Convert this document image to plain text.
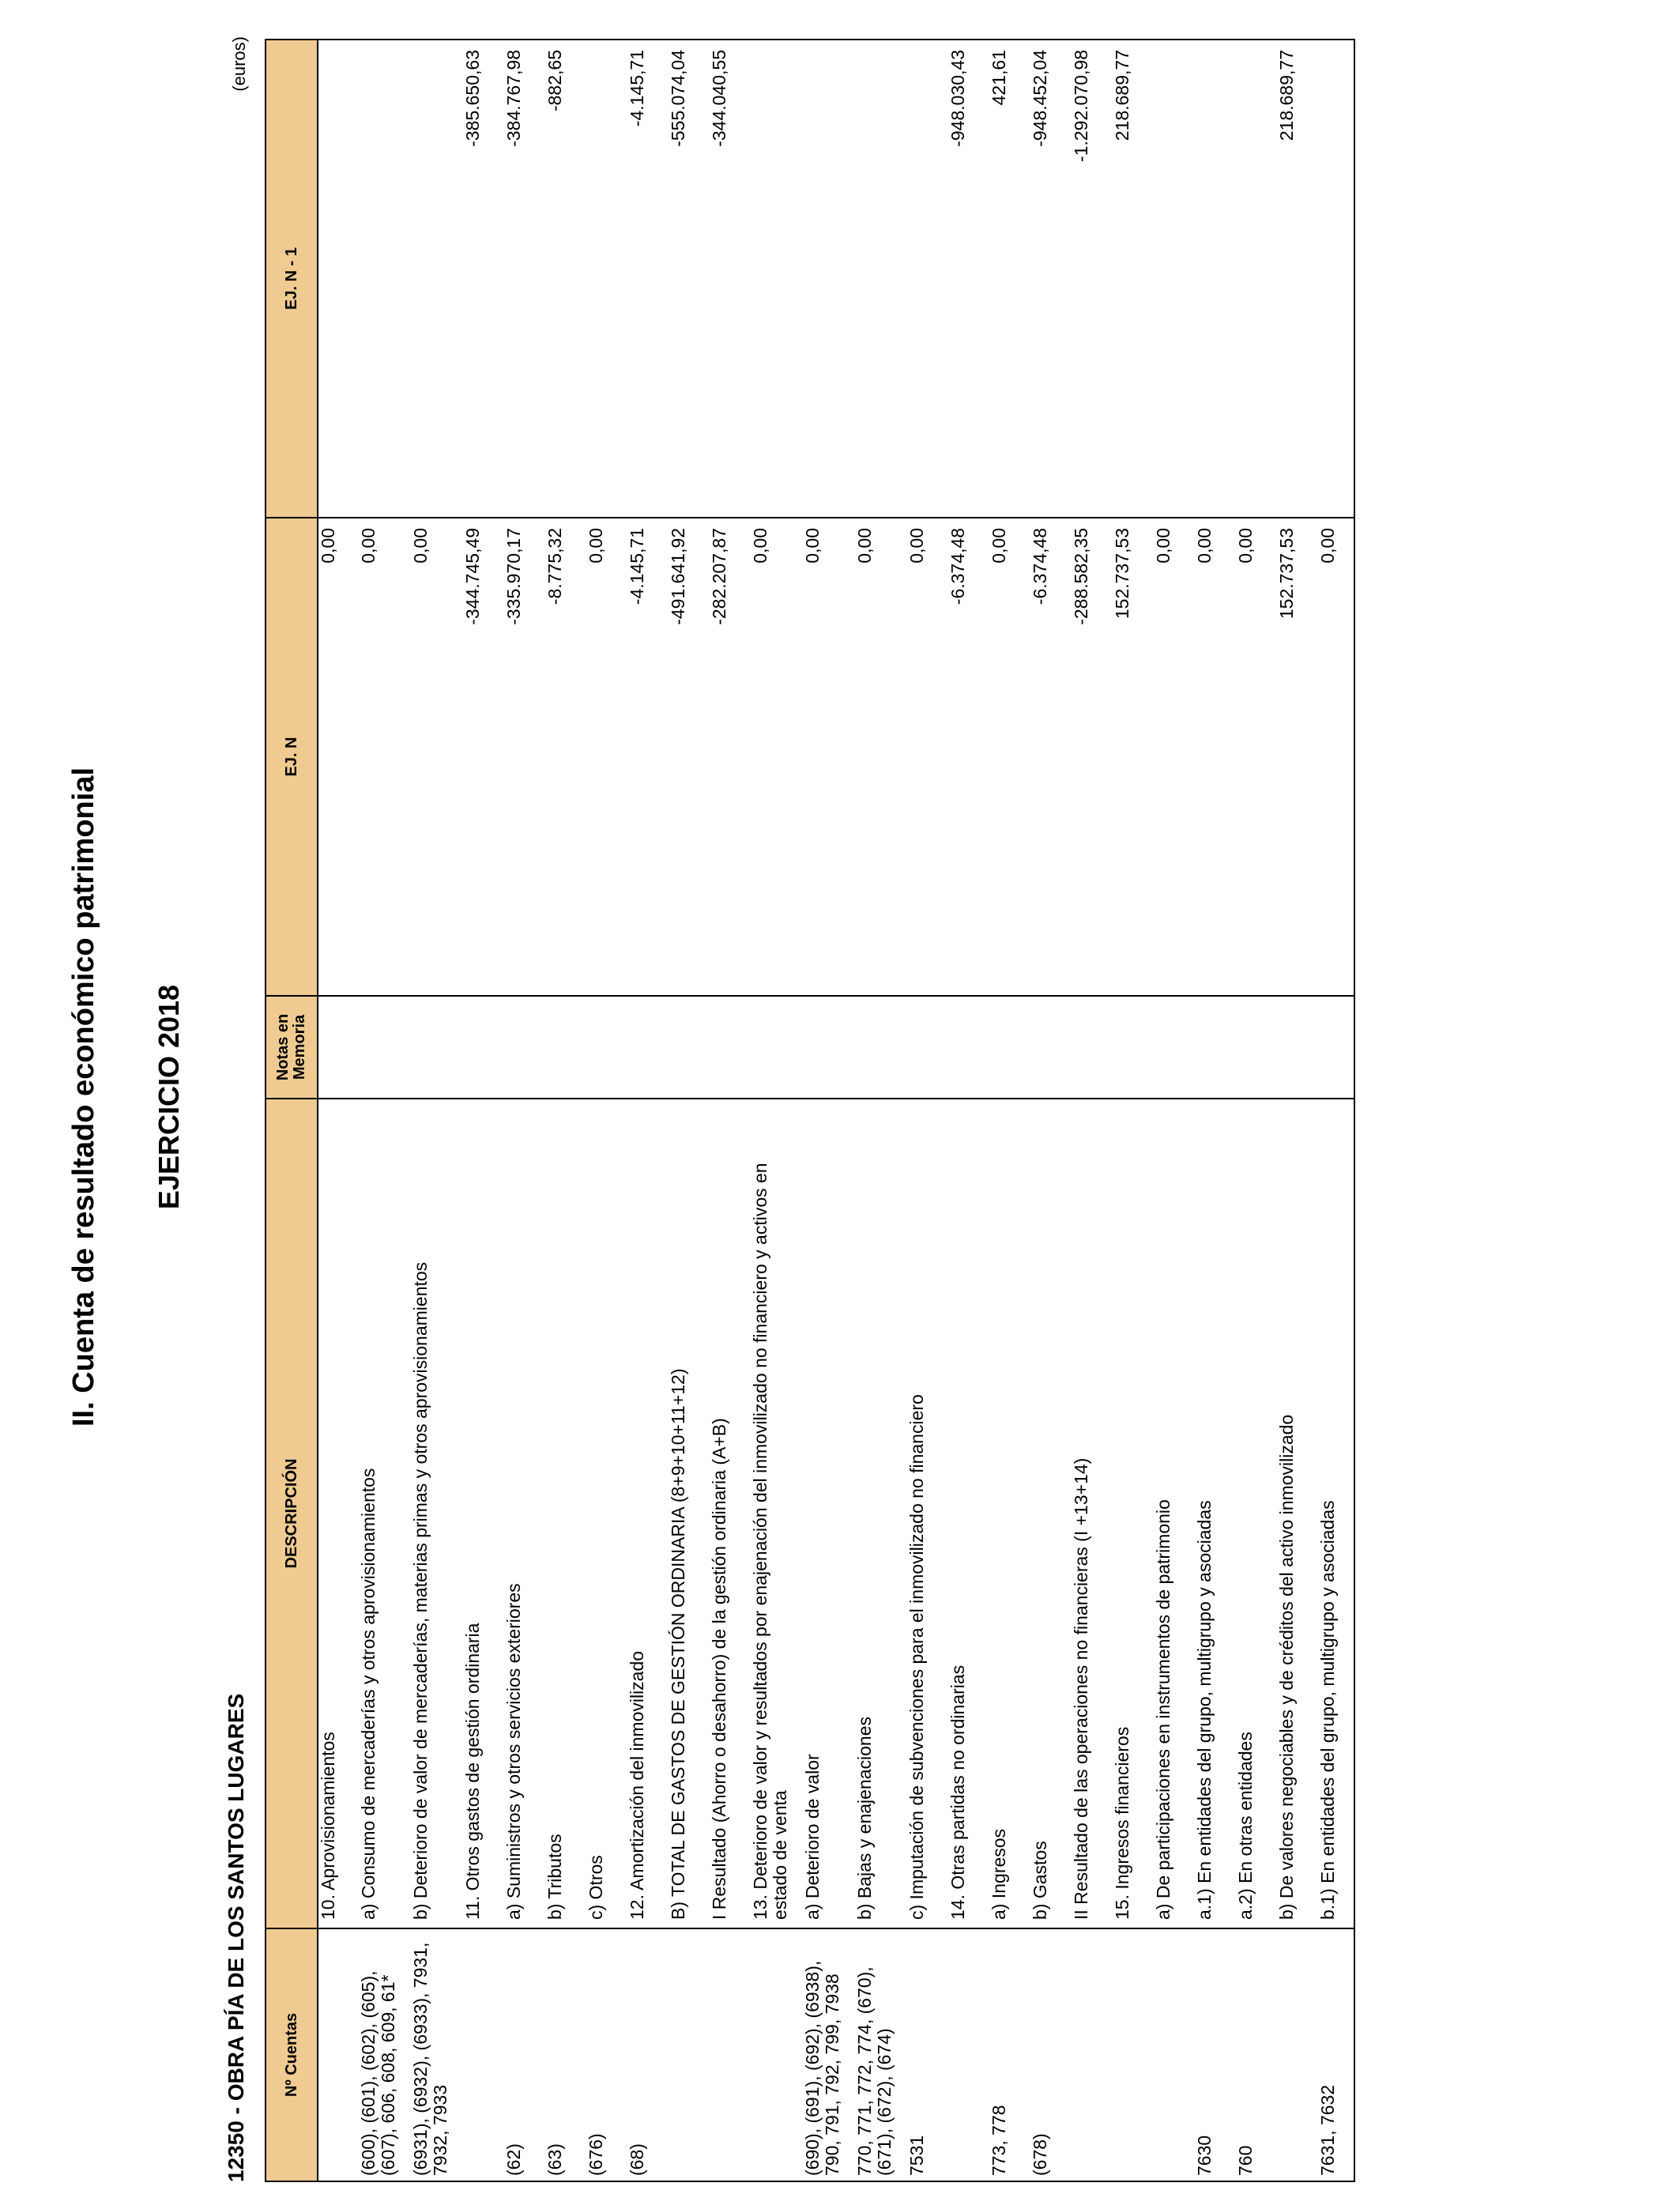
II. Cuenta de resultado económico patrimonial EJERCICIO 2018
12350 - OBRA PÍA DE LOS SANTOS LUGARES
(euros)
Nº Cuentas	DESCRIPCIÓN	Notas en Memoria	EJ. N	EJ. N - 1
	10. Aprovisionamientos		0,00	
(600), (601), (602), (605), (607), 606, 608, 609, 61*	a) Consumo de mercaderías y otros aprovisionamientos		0,00	
(6931), (6932), (6933), 7931, 7932, 7933	b) Deterioro de valor de mercaderías, materias primas y otros aprovisionamientos		0,00	
	11. Otros gastos de gestión ordinaria		-344.745,49	-385.650,63
(62)	a) Suministros y otros servicios exteriores		-335.970,17	-384.767,98
(63)	b) Tributos		-8.775,32	-882,65
(676)	c) Otros		0,00	
(68)	12. Amortización del inmovilizado		-4.145,71	-4.145,71
	B) TOTAL DE GASTOS DE GESTIÓN ORDINARIA (8+9+10+11+12)		-491.641,92	-555.074,04
	I Resultado (Ahorro o desahorro) de la gestión ordinaria (A+B)		-282.207,87	-344.040,55
	13. Deterioro de valor y resultados por enajenación del inmovilizado no financiero y activos en estado de venta		0,00	
(690), (691), (692), (6938), 790, 791, 792, 799, 7938	a) Deterioro de valor		0,00	
770, 771, 772, 774, (670), (671), (672), (674)	b) Bajas y enajenaciones		0,00	
7531	c) Imputación de subvenciones para el inmovilizado no financiero		0,00	
	14. Otras partidas no ordinarias		-6.374,48	-948.030,43
773, 778	a) Ingresos		0,00	421,61
(678)	b) Gastos		-6.374,48	-948.452,04
	II Resultado de las operaciones no financieras (I +13+14)		-288.582,35	-1.292.070,98
	15. Ingresos financieros		152.737,53	218.689,77
	a) De participaciones en instrumentos de patrimonio		0,00	
7630	a.1) En entidades del grupo, multigrupo y asociadas		0,00	
760	a.2) En otras entidades		0,00	
	b) De valores negociables y de créditos del activo inmovilizado		152.737,53	218.689,77
7631, 7632	b.1) En entidades del grupo, multigrupo y asociadas		0,00	
